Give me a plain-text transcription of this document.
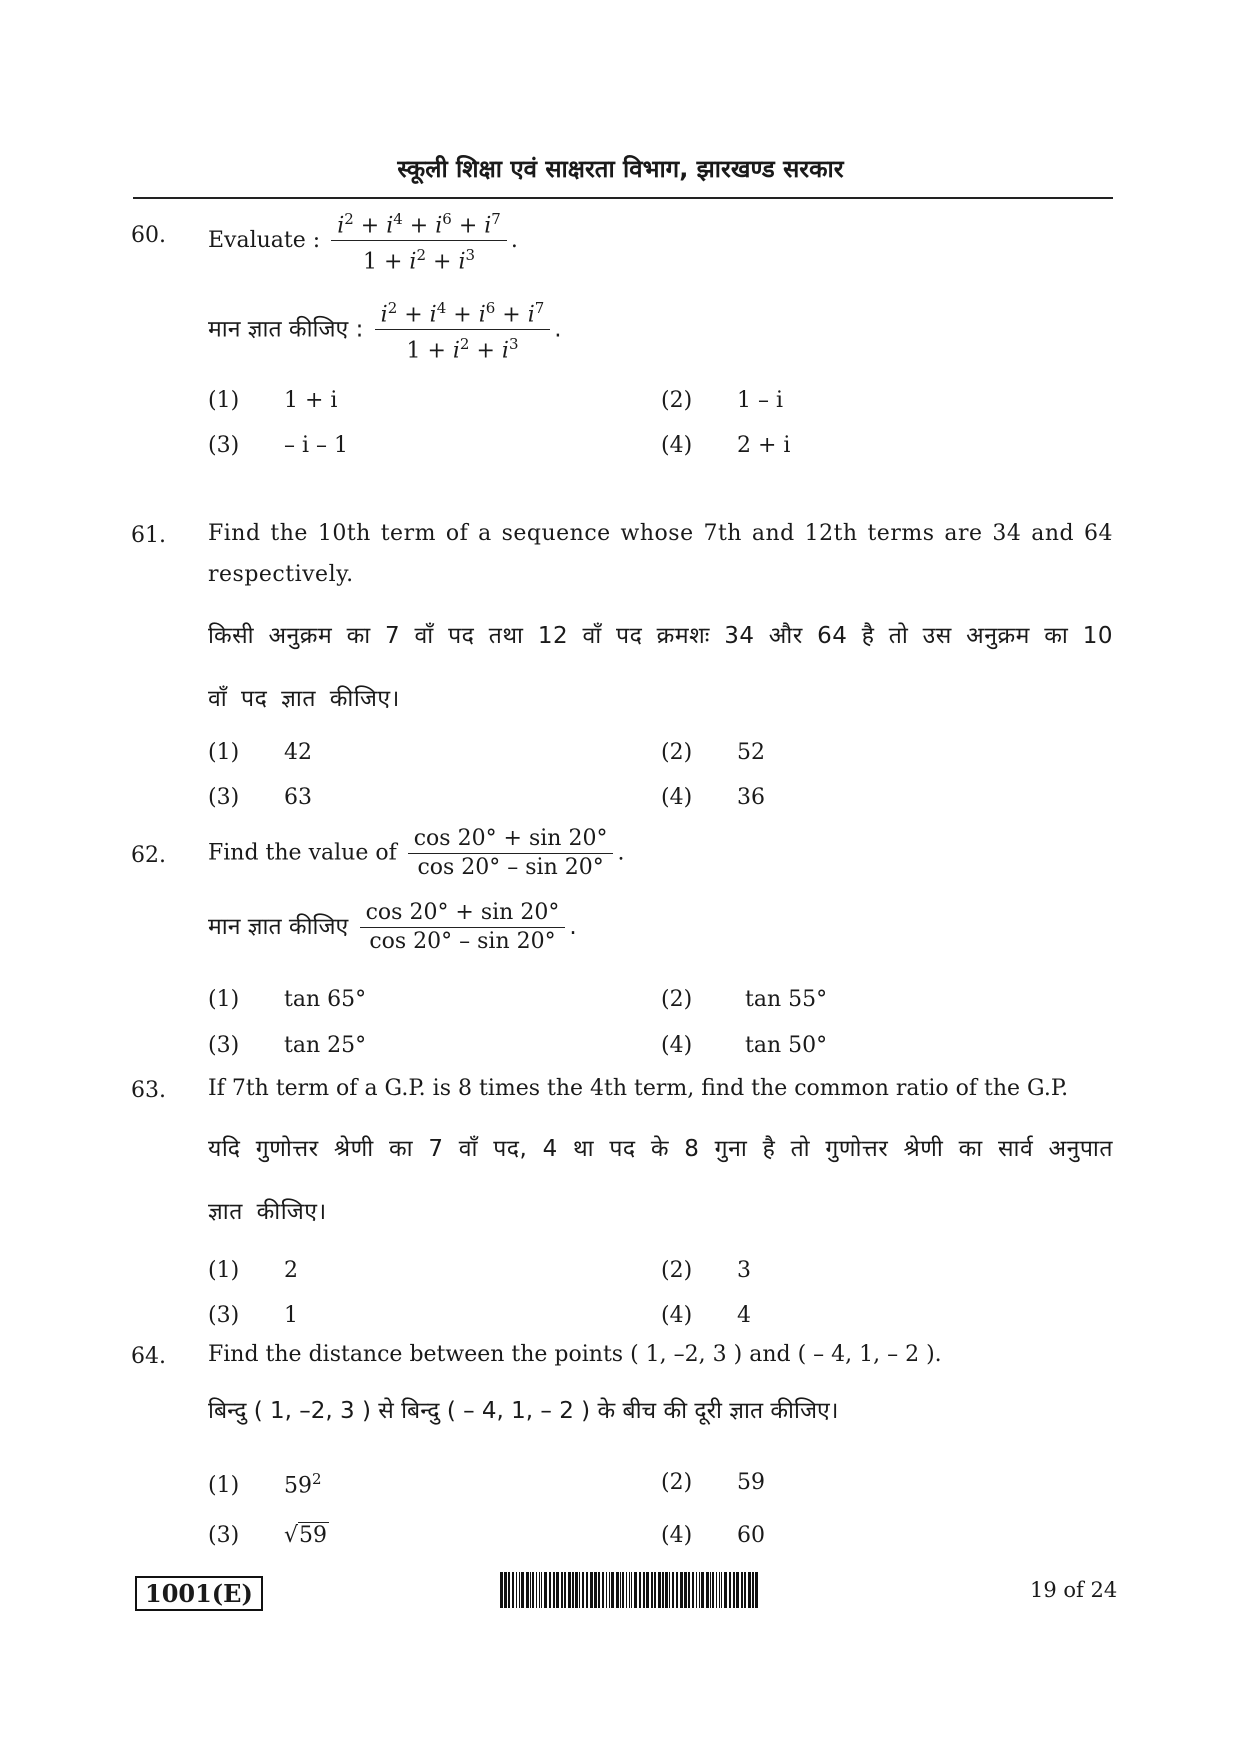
स्कूली शिक्षा एवं साक्षरता विभाग, झारखण्ड सरकार
60. Evaluate : $\frac{i^2 + i^4 + i^6 + i^7}{1 + i^2 + i^3}$ .
मान ज्ञात कीजिए : $\frac{i^2 + i^4 + i^6 + i^7}{1 + i^2 + i^3}$ .
(1) 1 + i	(2) 1 – i
(3) – i – 1	(4) 2 + i
61. Find the 10th term of a sequence whose 7th and 12th terms are 34 and 64 respectively.
किसी अनुक्रम का 7 वाँ पद तथा 12 वाँ पद क्रमशः 34 और 64 है तो उस अनुक्रम का 10 वाँ पद ज्ञात कीजिए।
(1) 42	(2) 52
(3) 63	(4) 36
62. Find the value of $\frac{\cos 20^\circ + \sin 20^\circ}{\cos 20^\circ - \sin 20^\circ}$ .
मान ज्ञात कीजिए $\frac{\cos 20^\circ + \sin 20^\circ}{\cos 20^\circ - \sin 20^\circ}$ .
(1) tan 65°	(2) tan 55°
(3) tan 25°	(4) tan 50°
63. If 7th term of a G.P. is 8 times the 4th term, find the common ratio of the G.P.
यदि गुणोत्तर श्रेणी का 7 वाँ पद, 4 था पद के 8 गुना है तो गुणोत्तर श्रेणी का सार्व अनुपात ज्ञात कीजिए।
(1) 2	(2) 3
(3) 1	(4) 4
64. Find the distance between the points ( 1, –2, 3 ) and ( – 4, 1, – 2 ).
बिन्दु ( 1, –2, 3 ) से बिन्दु ( – 4, 1, – 2 ) के बीच की दूरी ज्ञात कीजिए।
(1) $59^2$	(2) 59
(3) √59	(4) 60
1001(E)	19 of 24
